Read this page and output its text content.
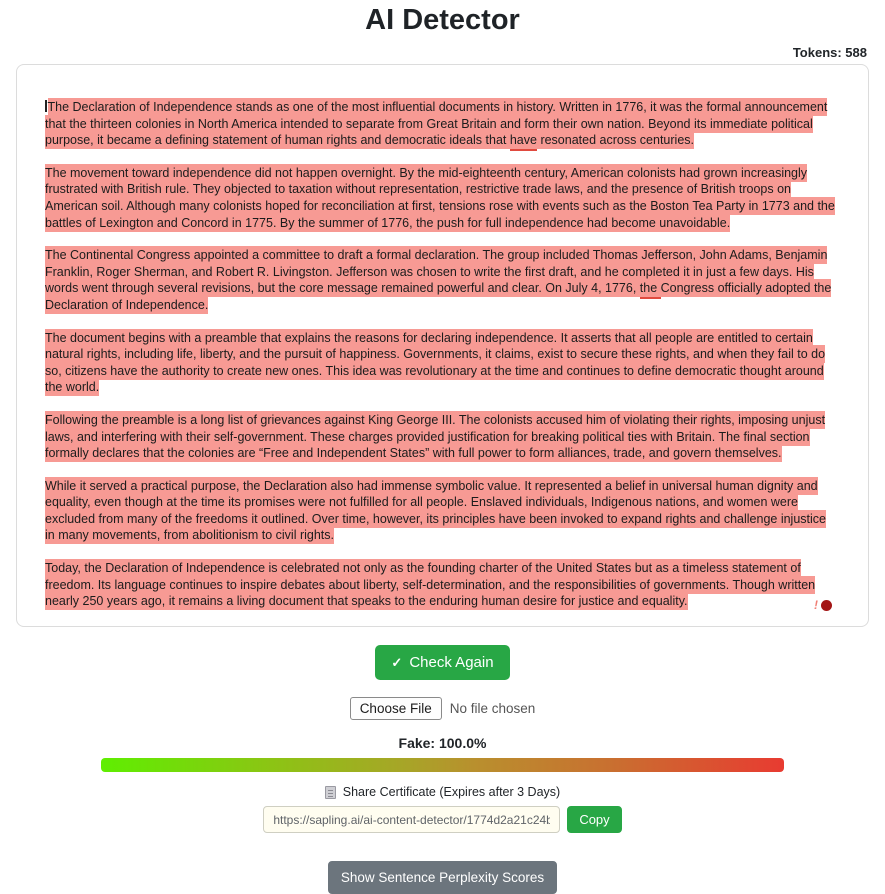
AI Detector
Tokens: 588

The Declaration of Independence stands as one of the most influential documents in history. Written in 1776, it was the formal announcement that the thirteen colonies in North America intended to separate from Great Britain and form their own nation. Beyond its immediate political purpose, it became a defining statement of human rights and democratic ideals that have resonated across centuries.

The movement toward independence did not happen overnight. By the mid-eighteenth century, American colonists had grown increasingly frustrated with British rule. They objected to taxation without representation, restrictive trade laws, and the presence of British troops on American soil. Although many colonists hoped for reconciliation at first, tensions rose with events such as the Boston Tea Party in 1773 and the battles of Lexington and Concord in 1775. By the summer of 1776, the push for full independence had become unavoidable.

The Continental Congress appointed a committee to draft a formal declaration. The group included Thomas Jefferson, John Adams, Benjamin Franklin, Roger Sherman, and Robert R. Livingston. Jefferson was chosen to write the first draft, and he completed it in just a few days. His words went through several revisions, but the core message remained powerful and clear. On July 4, 1776, the Congress officially adopted the Declaration of Independence.

The document begins with a preamble that explains the reasons for declaring independence. It asserts that all people are entitled to certain natural rights, including life, liberty, and the pursuit of happiness. Governments, it claims, exist to secure these rights, and when they fail to do so, citizens have the authority to create new ones. This idea was revolutionary at the time and continues to define democratic thought around the world.

Following the preamble is a long list of grievances against King George III. The colonists accused him of violating their rights, imposing unjust laws, and interfering with their self-government. These charges provided justification for breaking political ties with Britain. The final section formally declares that the colonies are “Free and Independent States” with full power to form alliances, trade, and govern themselves.

While it served a practical purpose, the Declaration also had immense symbolic value. It represented a belief in universal human dignity and equality, even though at the time its promises were not fulfilled for all people. Enslaved individuals, Indigenous nations, and women were excluded from many of the freedoms it outlined. Over time, however, its principles have been invoked to expand rights and challenge injustice in many movements, from abolitionism to civil rights.

Today, the Declaration of Independence is celebrated not only as the founding charter of the United States but as a timeless statement of freedom. Its language continues to inspire debates about liberty, self-determination, and the responsibilities of governments. Though written nearly 250 years ago, it remains a living document that speaks to the enduring human desire for justice and equality.	!
✓ Check Again
Choose File	No file chosen
Fake: 100.0%
Share Certificate (Expires after 3 Days)
https://sapling.ai/ai-content-detector/1774d2a21c24b1e7f5f1
Copy
Show Sentence Perplexity Scores
